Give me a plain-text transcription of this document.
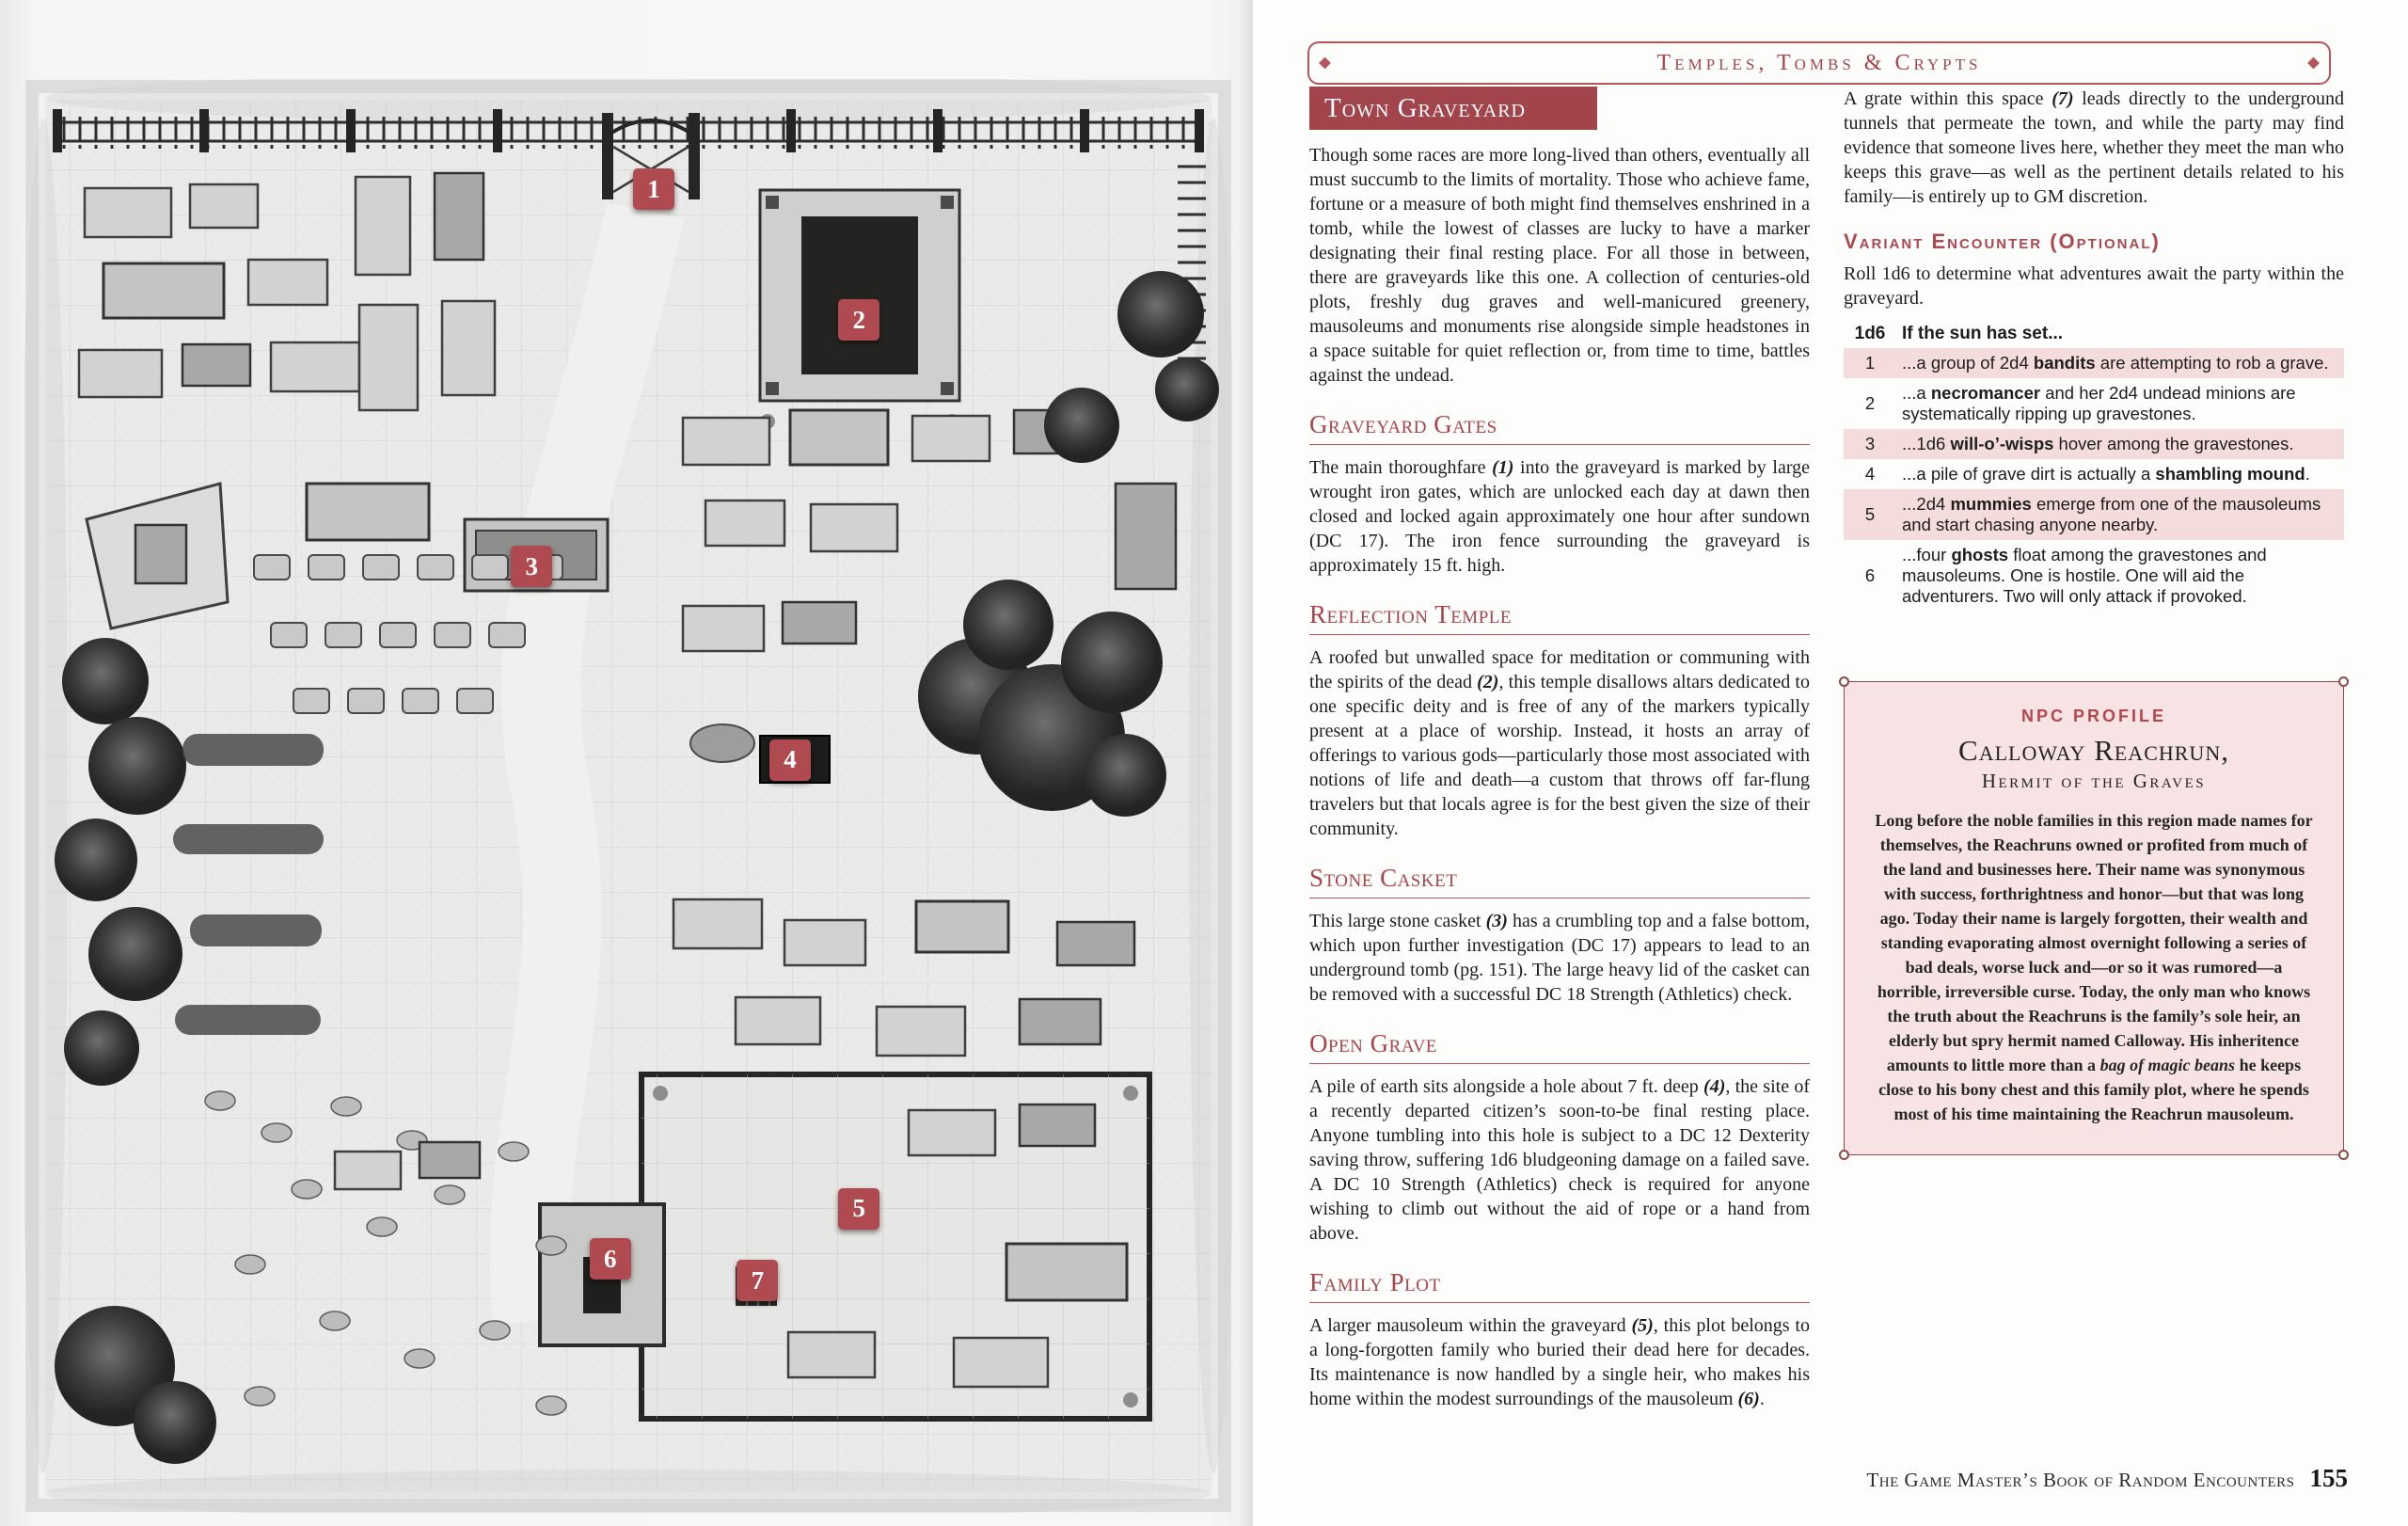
1
2
3
4
5
6
7
Temples, Tombs & Crypts
Town Graveyard

Though some races are more long-lived than others, eventually all must succumb to the limits of mortality. Those who achieve fame, fortune or a measure of both might find themselves enshrined in a tomb, while the lowest of classes are lucky to have a marker designating their final resting place. For all those in between, there are graveyards like this one. A collection of centuries-old plots, freshly dug graves and well-manicured greenery, mausoleums and monuments rise alongside simple headstones in a space suitable for quiet reflection or, from time to time, battles against the undead.

Graveyard Gates

The main thoroughfare (1) into the graveyard is marked by large wrought iron gates, which are unlocked each day at dawn then closed and locked again approximately one hour after sundown (DC 17). The iron fence surrounding the graveyard is approximately 15 ft. high.

Reflection Temple

A roofed but unwalled space for meditation or communing with the spirits of the dead (2), this temple disallows altars dedicated to one specific deity and is free of any of the markers typically present at a place of worship. Instead, it hosts an array of offerings to various gods—particularly those most associated with notions of life and death—a custom that throws off far-flung travelers but that locals agree is for the best given the size of their community.

Stone Casket

This large stone casket (3) has a crumbling top and a false bottom, which upon further investigation (DC 17) appears to lead to an underground tomb (pg. 151). The large heavy lid of the casket can be removed with a successful DC 18 Strength (Athletics) check.

Open Grave

A pile of earth sits alongside a hole about 7 ft. deep (4), the site of a recently departed citizen’s soon-to-be final resting place. Anyone tumbling into this hole is subject to a DC 12 Dexterity saving throw, suffering 1d6 bludgeoning damage on a failed save. A DC 10 Strength (Athletics) check is required for anyone wishing to climb out without the aid of rope or a hand from above.

Family Plot

A larger mausoleum within the graveyard (5), this plot belongs to a long-forgotten family who buried their dead here for decades. Its maintenance is now handled by a single heir, who makes his home within the modest surroundings of the mausoleum (6).

A grate within this space (7) leads directly to the underground tunnels that permeate the town, and while the party may find evidence that someone lives here, whether they meet the man who keeps this grave—as well as the pertinent details related to his family—is entirely up to GM discretion.

Variant Encounter (Optional)

Roll 1d6 to determine what adventures await the party within the graveyard.

1d6	If the sun has set...
1	...a group of 2d4 bandits are attempting to rob a grave.
2	...a necromancer and her 2d4 undead minions are systematically ripping up gravestones.
3	...1d6 will-o’-wisps hover among the gravestones.
4	...a pile of grave dirt is actually a shambling mound.
5	...2d4 mummies emerge from one of the mausoleums and start chasing anyone nearby.
6	...four ghosts float among the gravestones and mausoleums. One is hostile. One will aid the adventurers. Two will only attack if provoked.
NPC PROFILE
Calloway Reachrun,
Hermit of the Graves
Long before the noble families in this region made names for themselves, the Reachruns owned or profited from much of the land and businesses here. Their name was synonymous with success, forthrightness and honor—but that was long ago. Today their name is largely forgotten, their wealth and standing evaporating almost overnight following a series of bad deals, worse luck and—or so it was rumored—a horrible, irreversible curse. Today, the only man who knows the truth about the Reachruns is the family’s sole heir, an elderly but spry hermit named Calloway. His inheritence amounts to little more than a bag of magic beans he keeps close to his bony chest and this family plot, where he spends most of his time maintaining the Reachrun mausoleum.
The Game Master’s Book of Random Encounters 155
